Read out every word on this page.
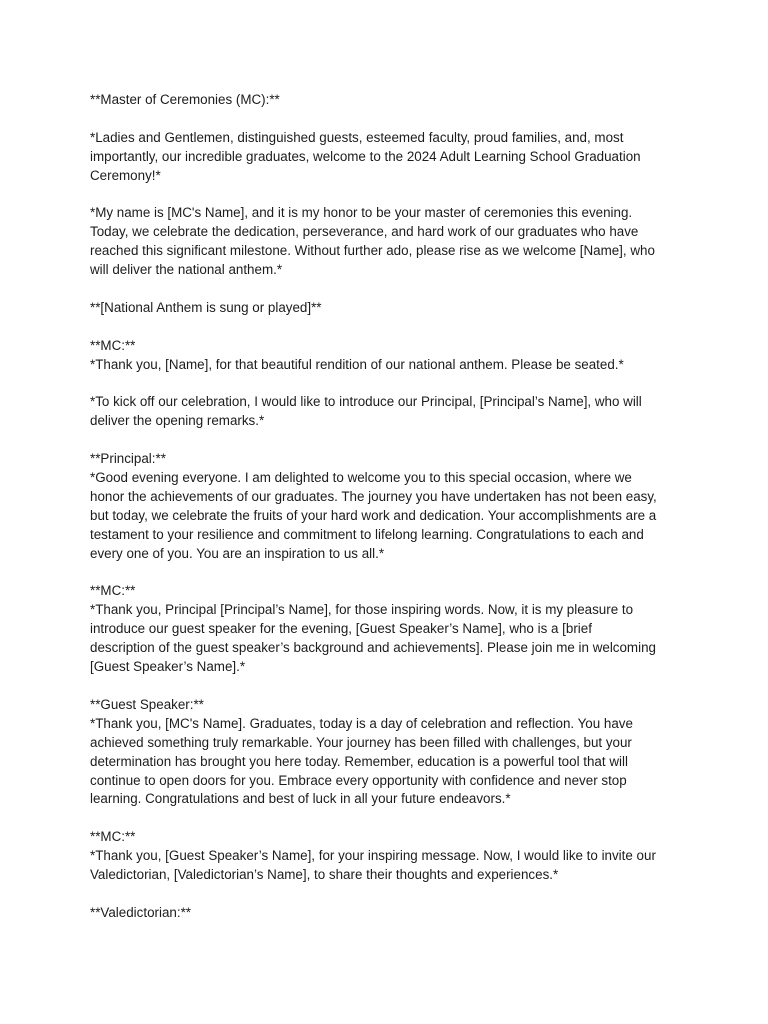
**Master of Ceremonies (MC):**
*Ladies and Gentlemen, distinguished guests, esteemed faculty, proud families, and, most
importantly, our incredible graduates, welcome to the 2024 Adult Learning School Graduation
Ceremony!*
*My name is [MC's Name], and it is my honor to be your master of ceremonies this evening.
Today, we celebrate the dedication, perseverance, and hard work of our graduates who have
reached this significant milestone. Without further ado, please rise as we welcome [Name], who
will deliver the national anthem.*
**[National Anthem is sung or played]**
**MC:**
*Thank you, [Name], for that beautiful rendition of our national anthem. Please be seated.*
*To kick off our celebration, I would like to introduce our Principal, [Principal’s Name], who will
deliver the opening remarks.*
**Principal:**
*Good evening everyone. I am delighted to welcome you to this special occasion, where we
honor the achievements of our graduates. The journey you have undertaken has not been easy,
but today, we celebrate the fruits of your hard work and dedication. Your accomplishments are a
testament to your resilience and commitment to lifelong learning. Congratulations to each and
every one of you. You are an inspiration to us all.*
**MC:**
*Thank you, Principal [Principal’s Name], for those inspiring words. Now, it is my pleasure to
introduce our guest speaker for the evening, [Guest Speaker’s Name], who is a [brief
description of the guest speaker’s background and achievements]. Please join me in welcoming
[Guest Speaker’s Name].*
**Guest Speaker:**
*Thank you, [MC's Name]. Graduates, today is a day of celebration and reflection. You have
achieved something truly remarkable. Your journey has been filled with challenges, but your
determination has brought you here today. Remember, education is a powerful tool that will
continue to open doors for you. Embrace every opportunity with confidence and never stop
learning. Congratulations and best of luck in all your future endeavors.*
**MC:**
*Thank you, [Guest Speaker’s Name], for your inspiring message. Now, I would like to invite our
Valedictorian, [Valedictorian’s Name], to share their thoughts and experiences.*
**Valedictorian:**
